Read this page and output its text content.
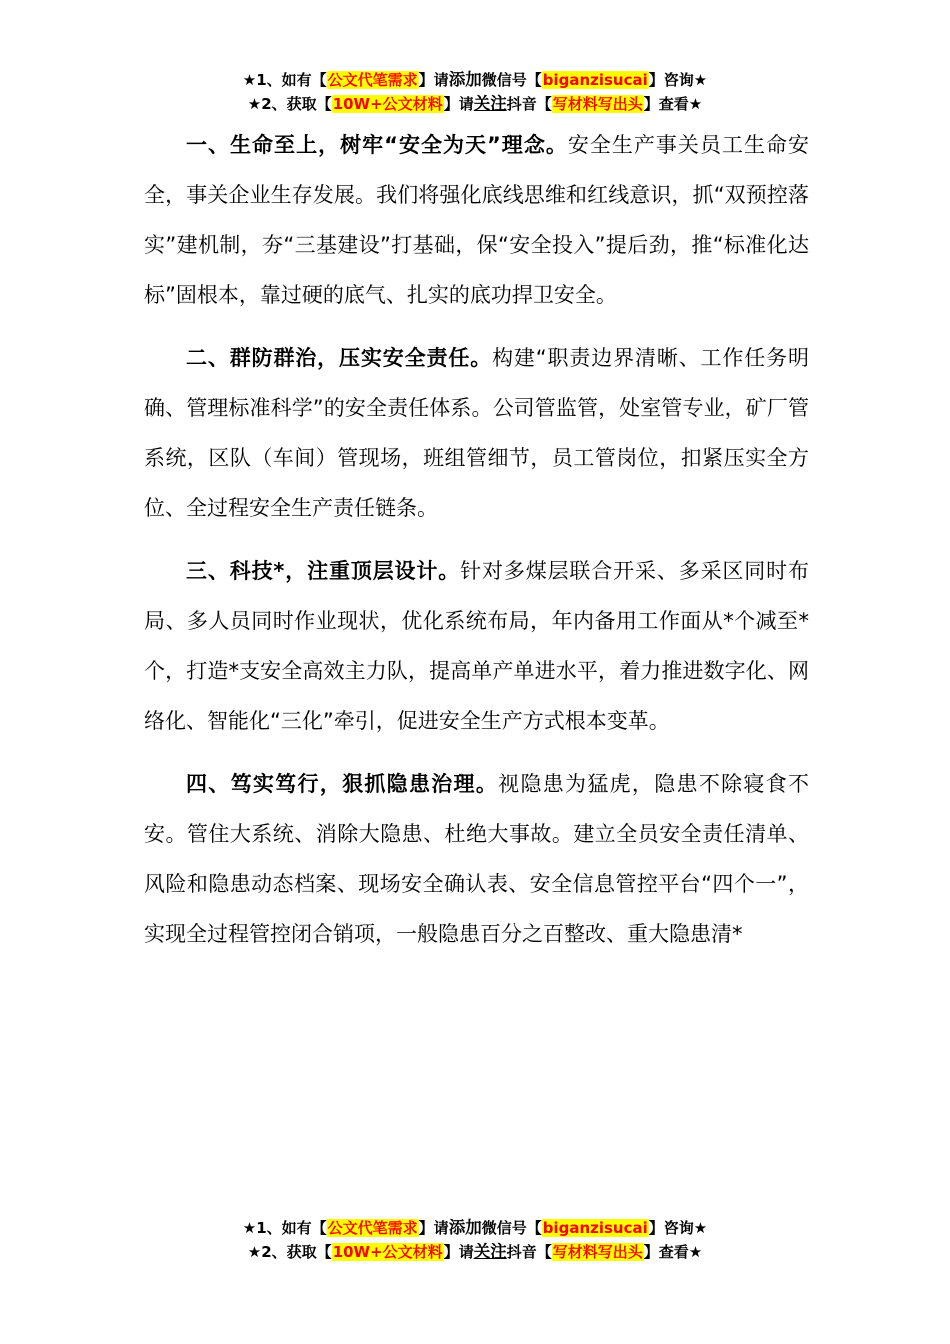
★1、如有【公文代笔需求】请添加微信号【biganzisucai】咨询★
★2、获取【10W+公文材料】请关注抖音【写材料写出头】查看★

一、生命至上，树牢“安全为天”理念。安全生产事关员工生命安全，事关企业生存发展。我们将强化底线思维和红线意识，抓“双预控落实”建机制，夯“三基建设”打基础，保“安全投入”提后劲，推“标准化达标”固根本，靠过硬的底气、扎实的底功捍卫安全。

二、群防群治，压实安全责任。构建“职责边界清晰、工作任务明确、管理标准科学”的安全责任体系。公司管监管，处室管专业，矿厂管系统，区队（车间）管现场，班组管细节，员工管岗位，扣紧压实全方位、全过程安全生产责任链条。

三、科技*，注重顶层设计。针对多煤层联合开采、多采区同时布局、多人员同时作业现状，优化系统布局，年内备用工作面从*个减至*个，打造*支安全高效主力队，提高单产单进水平，着力推进数字化、网络化、智能化“三化”牵引，促进安全生产方式根本变革。

四、笃实笃行，狠抓隐患治理。视隐患为猛虎，隐患不除寝食不安。管住大系统、消除大隐患、杜绝大事故。建立全员安全责任清单、风险和隐患动态档案、现场安全确认表、安全信息管控平台“四个一”，实现全过程管控闭合销项，一般隐患百分之百整改、重大隐患清*

★1、如有【公文代笔需求】请添加微信号【biganzisucai】咨询★
★2、获取【10W+公文材料】请关注抖音【写材料写出头】查看★
